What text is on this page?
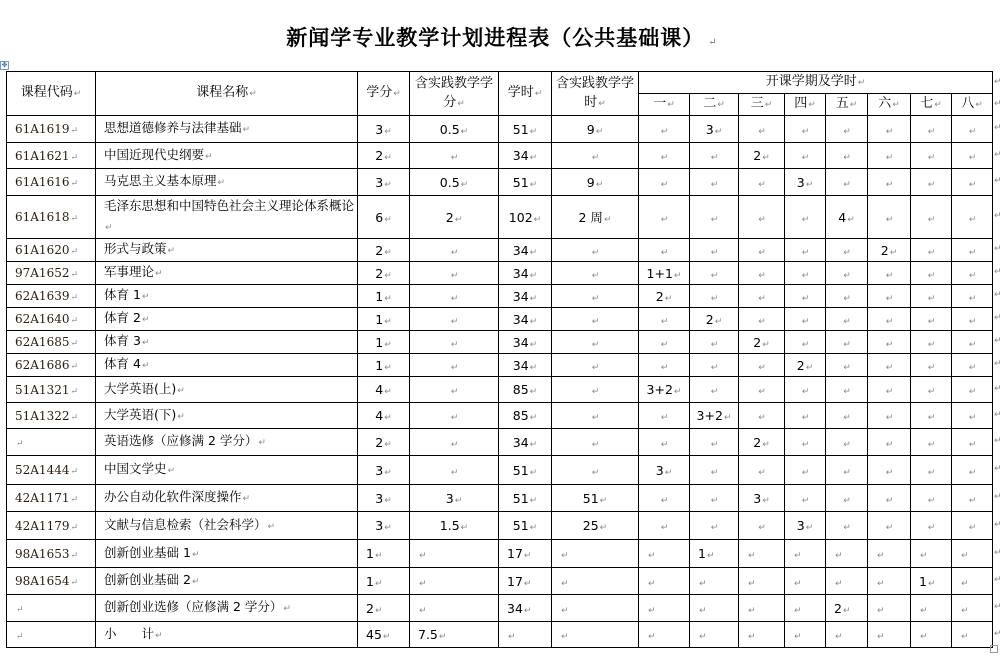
新闻学专业教学计划进程表（公共基础课） ↵
✥
课程代码↵	课程名称↵	学分↵	含实践教学学分↵	学时↵	含实践教学学时↵	开课学期及学时↵							
						一↵	二↵	三↵	四↵	五↵	六↵	七↵	八↵
61A1619↵	思想道德修养与法律基础↵	3↵	0.5↵	51↵	9↵	↵	3↵	↵	↵	↵	↵	↵	↵
61A1621↵	中国近现代史纲要↵	2↵	↵	34↵	↵	↵	↵	2↵	↵	↵	↵	↵	↵
61A1616↵	马克思主义基本原理↵	3↵	0.5↵	51↵	9↵	↵	↵	↵	3↵	↵	↵	↵	↵
61A1618↵	毛泽东思想和中国特色社会主义理论体系概论↵	6↵	2↵	102↵	2 周↵	↵	↵	↵	↵	4↵	↵	↵	↵
61A1620↵	形式与政策↵	2↵	↵	34↵	↵	↵	↵	↵	↵	↵	2↵	↵	↵
97A1652↵	军事理论↵	2↵	↵	34↵	↵	1+1↵	↵	↵	↵	↵	↵	↵	↵
62A1639↵	体育 1↵	1↵	↵	34↵	↵	2↵	↵	↵	↵	↵	↵	↵	↵
62A1640↵	体育 2↵	1↵	↵	34↵	↵	↵	2↵	↵	↵	↵	↵	↵	↵
62A1685↵	体育 3↵	1↵	↵	34↵	↵	↵	↵	2↵	↵	↵	↵	↵	↵
62A1686↵	体育 4↵	1↵	↵	34↵	↵	↵	↵	↵	2↵	↵	↵	↵	↵
51A1321↵	大学英语(上)↵	4↵	↵	85↵	↵	3+2↵	↵	↵	↵	↵	↵	↵	↵
51A1322↵	大学英语(下)↵	4↵	↵	85↵	↵	↵	3+2↵	↵	↵	↵	↵	↵	↵
↵	英语选修（应修满 2 学分）↵	2↵	↵	34↵	↵	↵	↵	2↵	↵	↵	↵	↵	↵
52A1444↵	中国文学史↵	3↵	↵	51↵	↵	3↵	↵	↵	↵	↵	↵	↵	↵
42A1171↵	办公自动化软件深度操作↵	3↵	3↵	51↵	51↵	↵	↵	3↵	↵	↵	↵	↵	↵
42A1179↵	文献与信息检索（社会科学）↵	3↵	1.5↵	51↵	25↵	↵	↵	↵	3↵	↵	↵	↵	↵
98A1653↵	创新创业基础 1↵	1↵	↵	17↵	↵	↵	1↵	↵	↵	↵	↵	↵	↵
98A1654↵	创新创业基础 2↵	1↵	↵	17↵	↵	↵	↵	↵	↵	↵	↵	1↵	↵
↵	创新创业选修（应修满 2 学分）↵	2↵	↵	34↵	↵	↵	↵	↵	↵	2↵	↵	↵	↵
↵	小　　计↵	45↵	7.5↵	↵	↵	↵	↵	↵	↵	↵	↵	↵	↵
↵
↵
↵
↵
↵
↵
↵
↵
↵
↵
↵
↵
↵
↵
↵
↵
↵
↵
↵
↵
↵
↵
